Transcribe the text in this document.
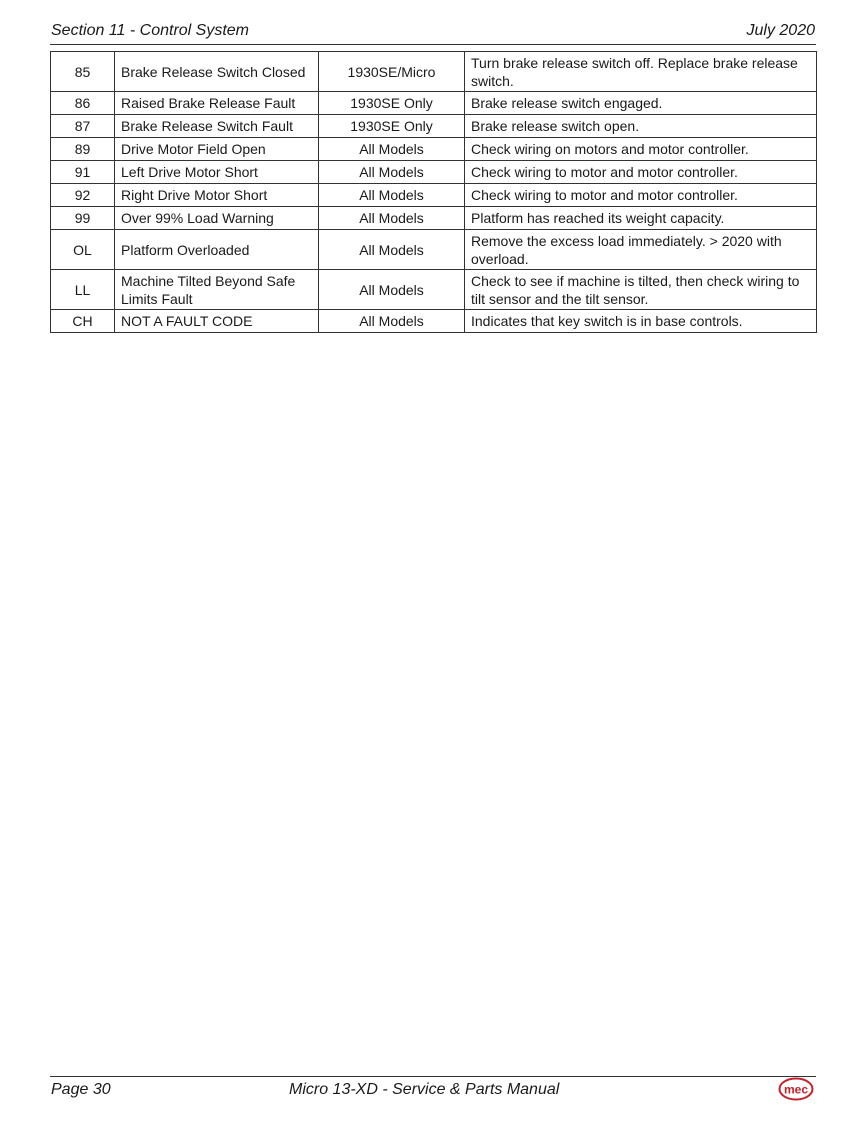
Section 11 - Control System	July 2020
85	Brake Release Switch Closed	1930SE/Micro	Turn brake release switch off. Replace brake release switch.
86	Raised Brake Release Fault	1930SE Only	Brake release switch engaged.
87	Brake Release Switch Fault	1930SE Only	Brake release switch open.
89	Drive Motor Field Open	All Models	Check wiring on motors and motor controller.
91	Left Drive Motor Short	All Models	Check wiring to motor and motor controller.
92	Right Drive Motor Short	All Models	Check wiring to motor and motor controller.
99	Over 99% Load Warning	All Models	Platform has reached its weight capacity.
OL	Platform Overloaded	All Models	Remove the excess load immediately. > 2020 with overload.
LL	Machine Tilted Beyond Safe Limits Fault	All Models	Check to see if machine is tilted, then check wiring to tilt sensor and the tilt sensor.
CH	NOT A FAULT CODE	All Models	Indicates that key switch is in base controls.
Page 30	Micro 13-XD - Service & Parts Manual	mec
